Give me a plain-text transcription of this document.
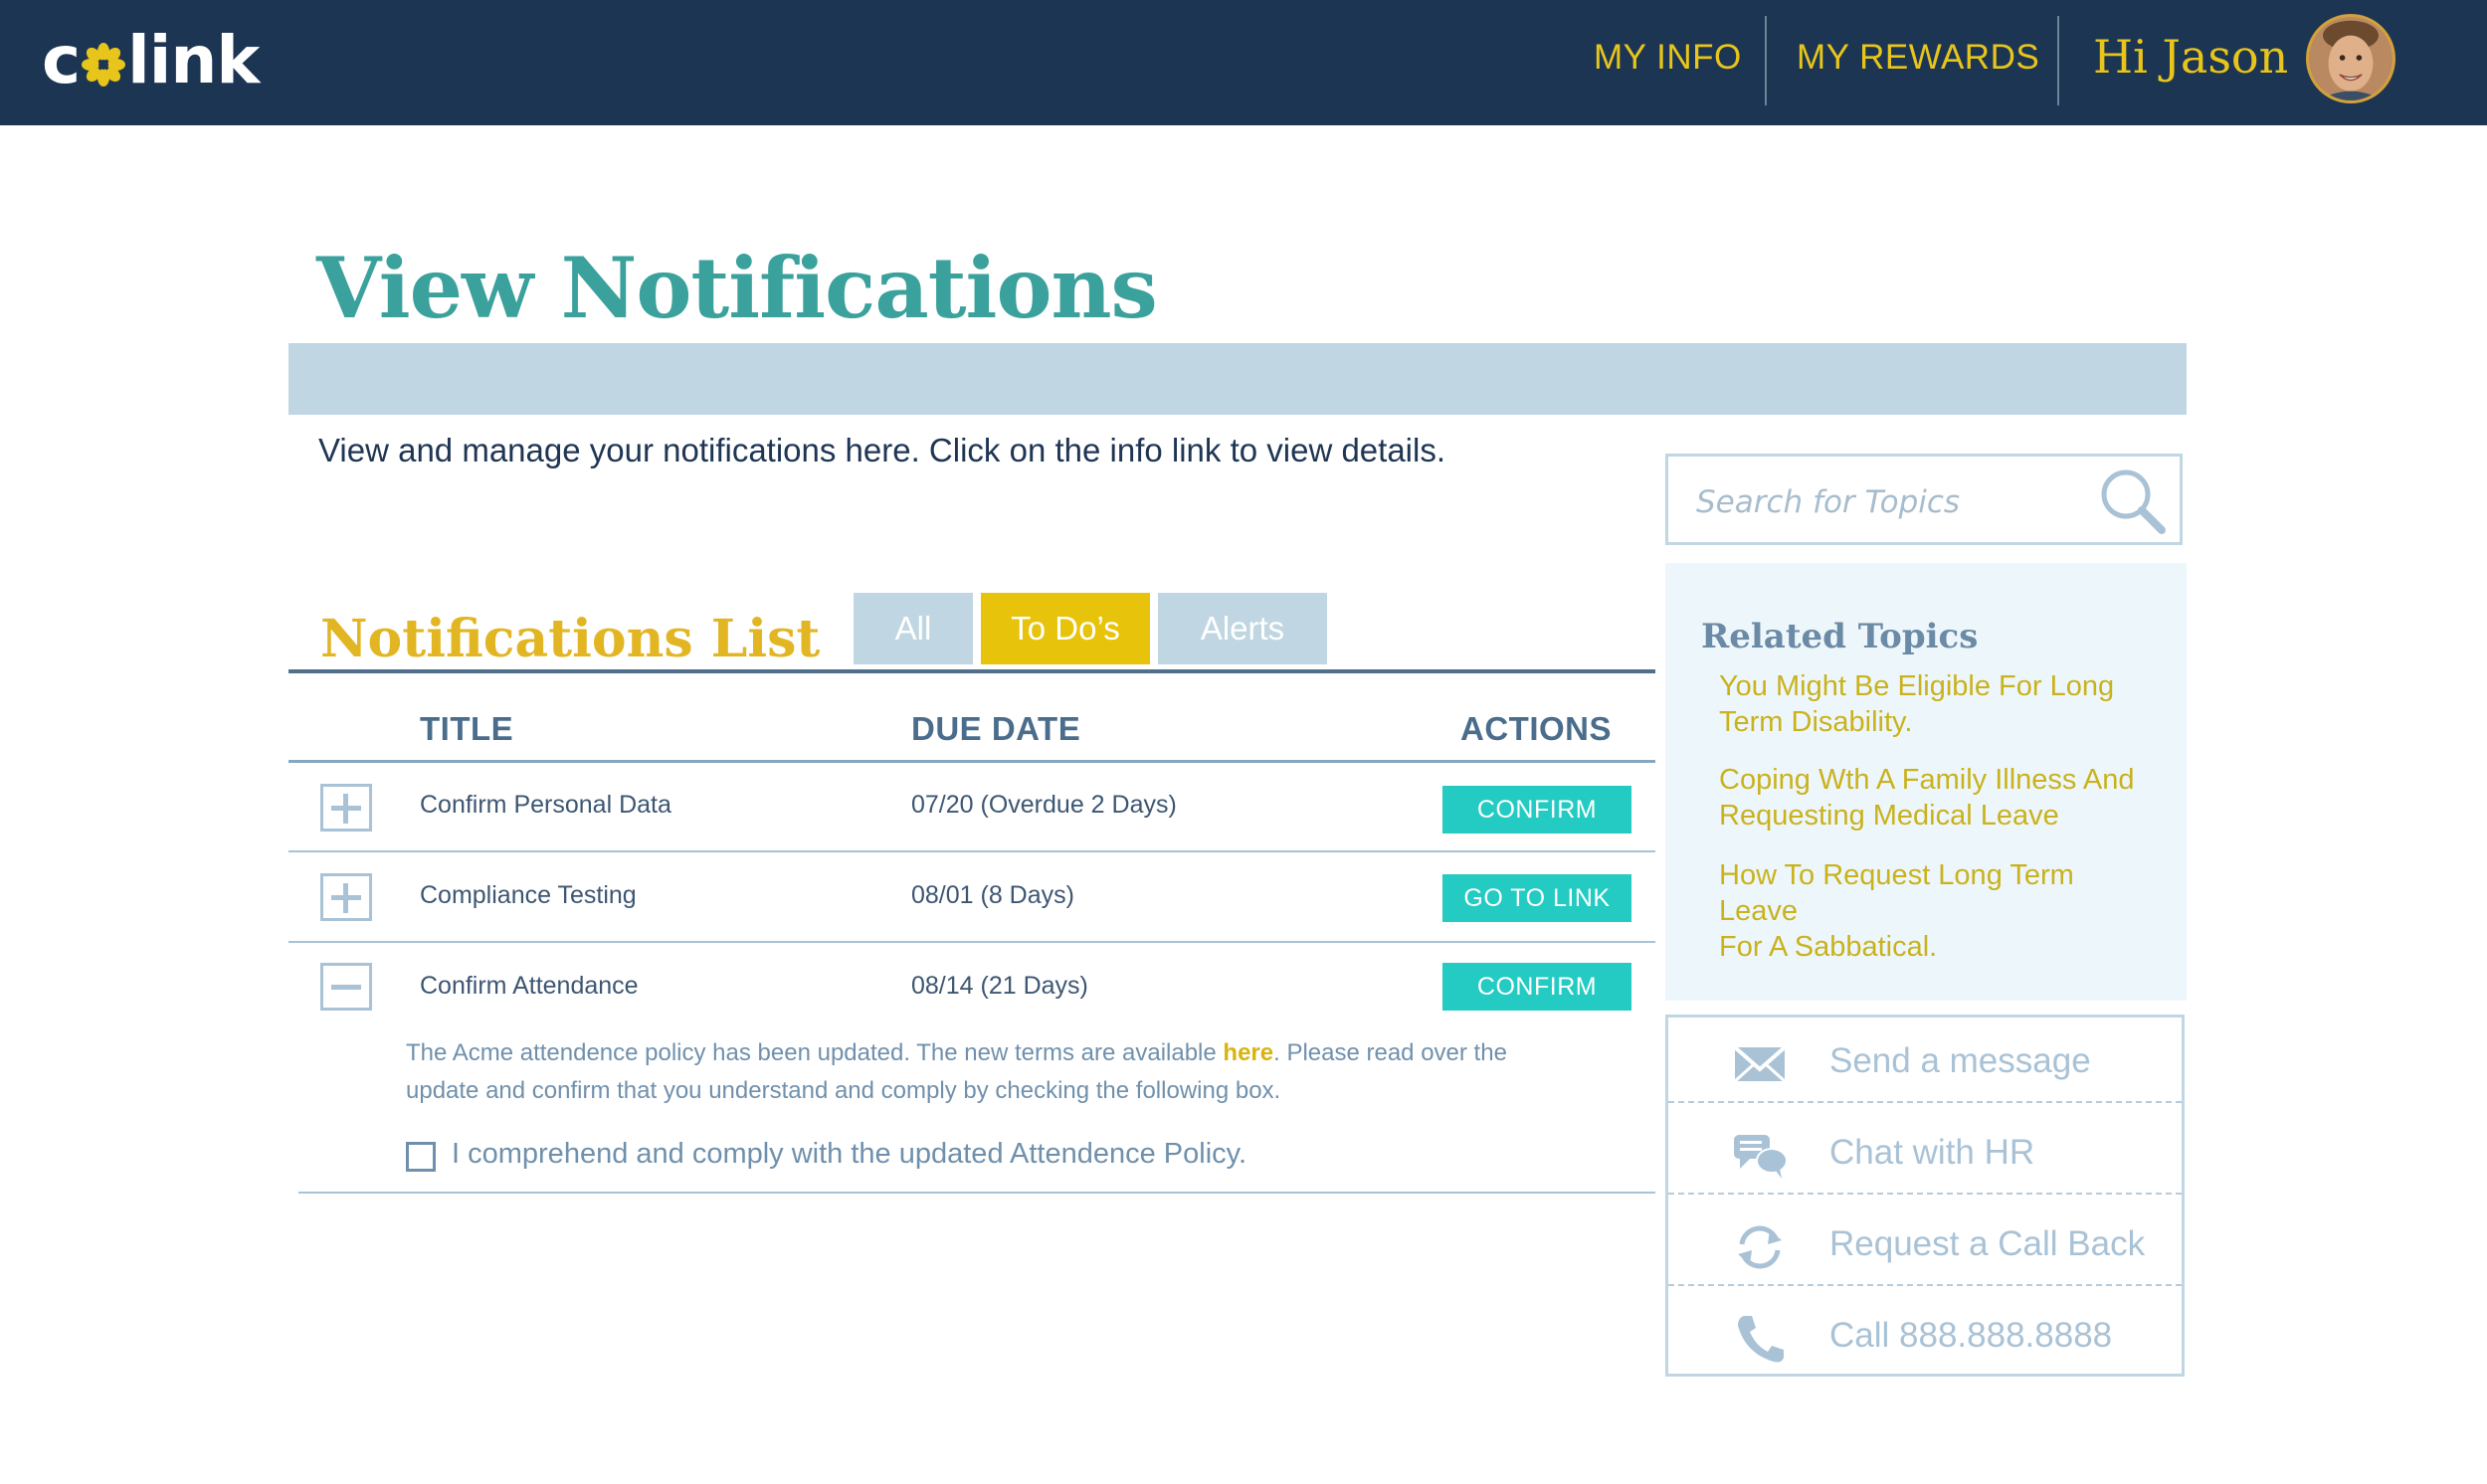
c link	MY INFO MY REWARDS Hi Jason
View Notifications

View and manage your notifications here. Click on the info link to view details.

Notifications List	All	To Do’s	Alerts
TITLE	DUE DATE	ACTIONS
Confirm Personal Data	07/20 (Overdue 2 Days)	CONFIRM
Compliance Testing	08/01 (8 Days)	GO TO LINK
Confirm Attendance	08/14 (21 Days)	CONFIRM

The Acme attendence policy has been updated. The new terms are available here. Please read over the update and confirm that you understand and comply by checking the following box.

I comprehend and comply with the updated Attendence Policy.
Search for Topics
Related Topics
You Might Be Eligible For Long
Term Disability.
Coping Wth A Family Illness And
Requesting Medical Leave
How To Request Long Term
Leave
For A Sabbatical.
Send a message
Chat with HR
Request a Call Back
Call 888.888.8888
